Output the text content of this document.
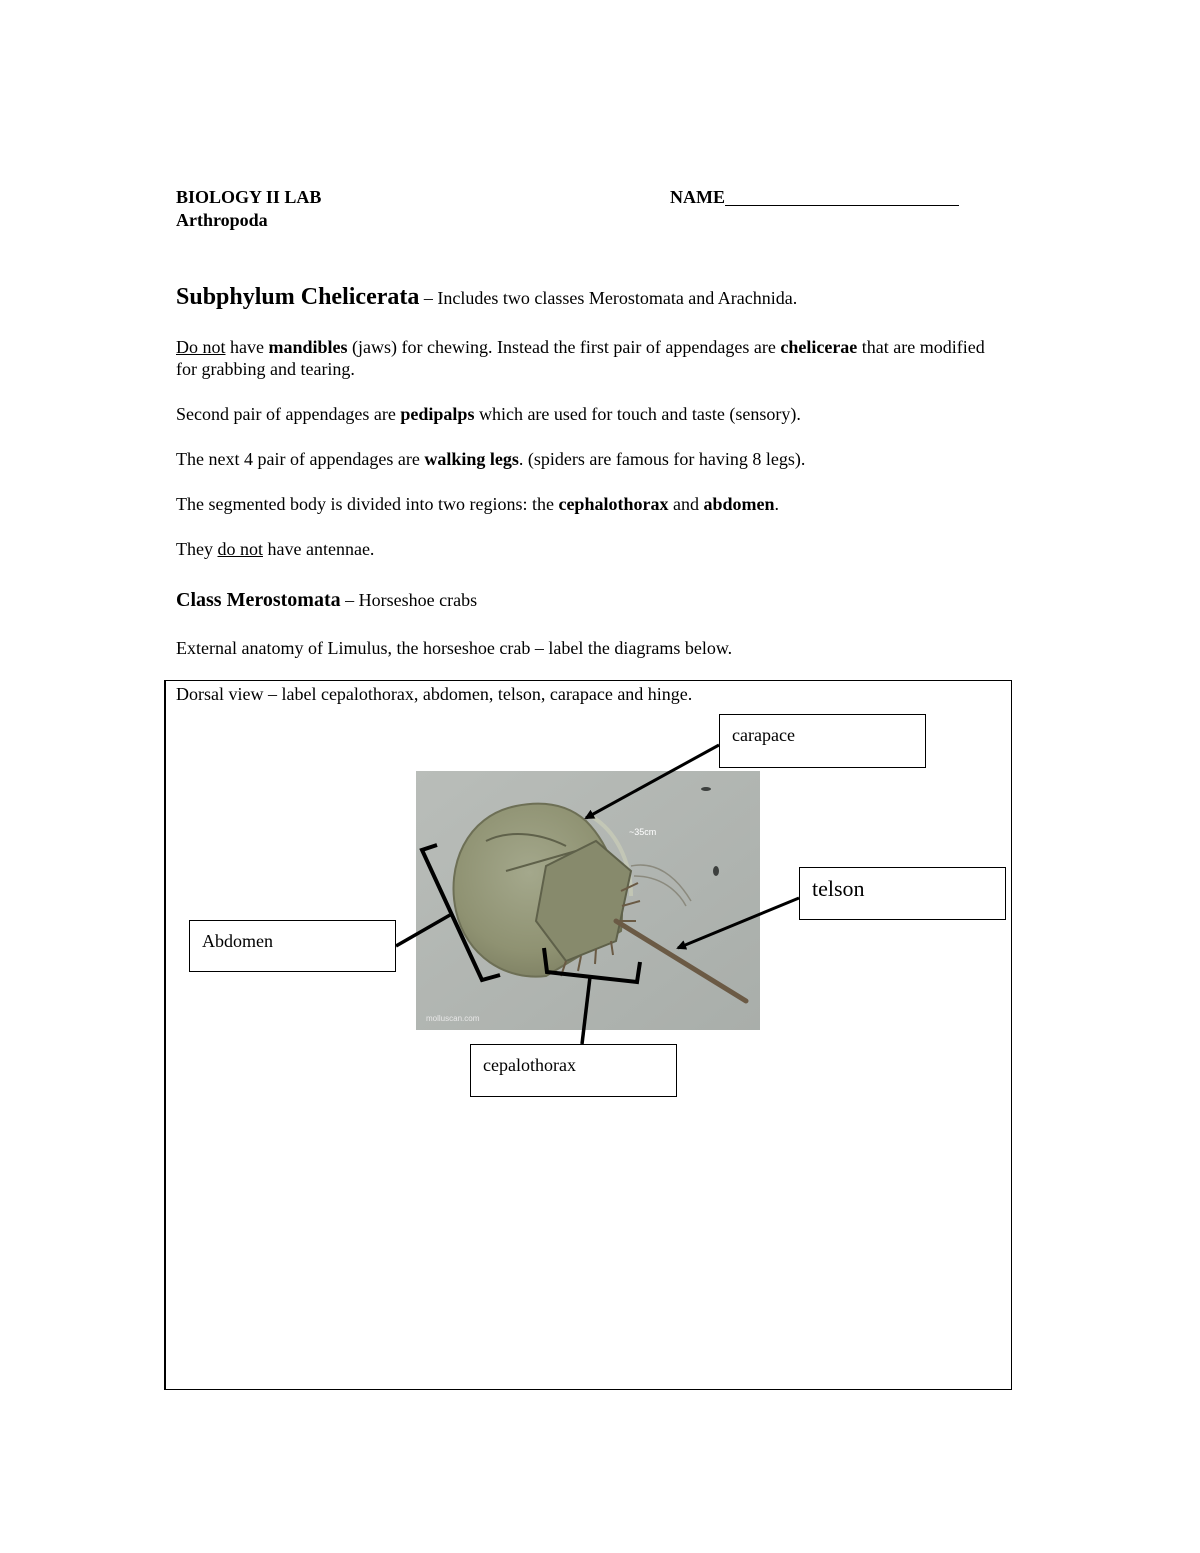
BIOLOGY II LAB
Arthropoda
NAME
Subphylum Chelicerata – Includes two classes Merostomata and Arachnida.
Do not have mandibles (jaws) for chewing. Instead the first pair of appendages are chelicerae that are modified for grabbing and tearing.
Second pair of appendages are pedipalps which are used for touch and taste (sensory).
The next 4 pair of appendages are walking legs. (spiders are famous for having 8 legs).
The segmented body is divided into two regions: the cephalothorax and abdomen.
They do not have antennae.
Class Merostomata – Horseshoe crabs
External anatomy of Limulus, the horseshoe crab – label the diagrams below.
Dorsal view – label cepalothorax, abdomen, telson, carapace and hinge.
~35cm
molluscan.com
carapace
telson
Abdomen
cepalothorax
